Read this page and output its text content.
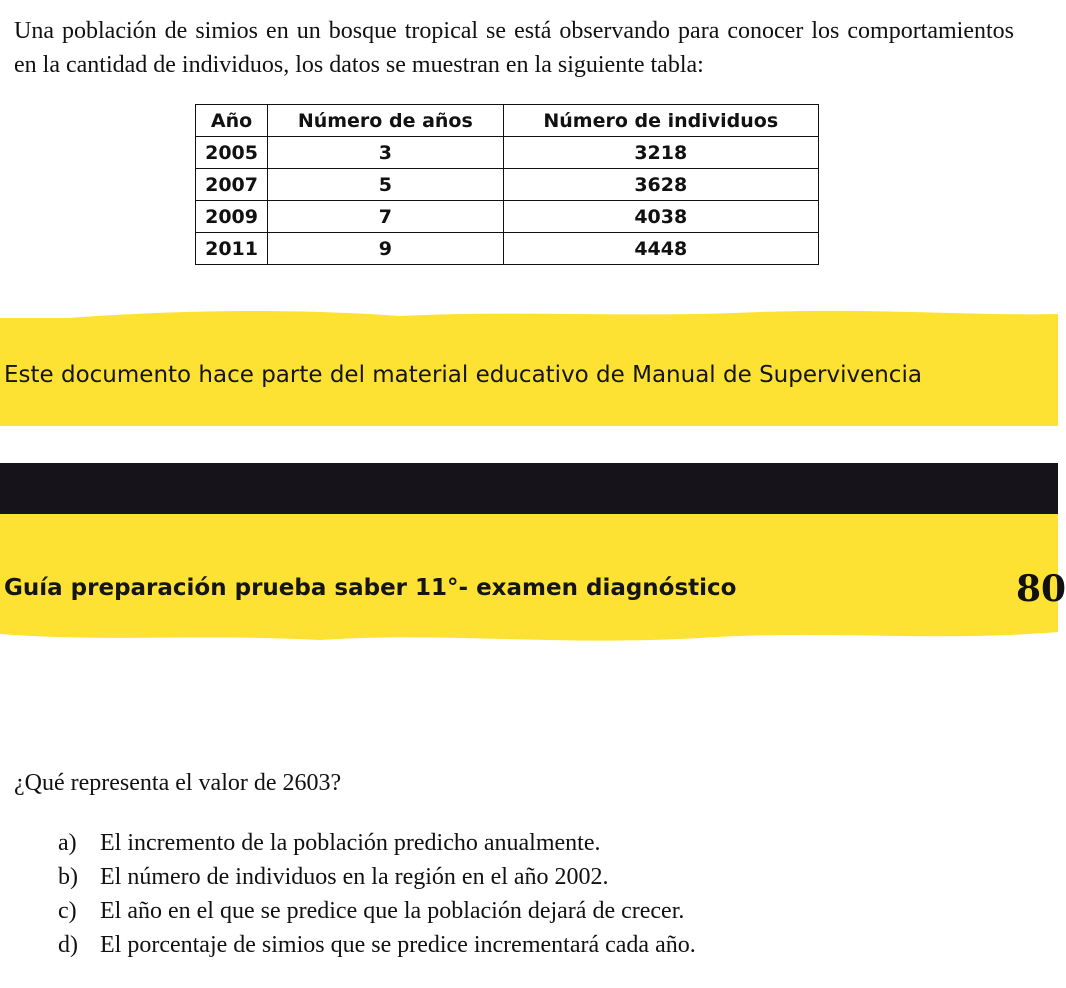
Una población de simios en un bosque tropical se está observando para conocer los comportamientos en la cantidad de individuos, los datos se muestran en la siguiente tabla:
Año	Número de años	Número de individuos
2005	3	3218
2007	5	3628
2009	7	4038
2011	9	4448
Este documento hace parte del material educativo de Manual de Supervivencia
Guía preparación prueba saber 11°- examen diagnóstico	80
¿Qué representa el valor de 2603?
a) El incremento de la población predicho anualmente.
b) El número de individuos en la región en el año 2002.
c) El año en el que se predice que la población dejará de crecer.
d) El porcentaje de simios que se predice incrementará cada año.
